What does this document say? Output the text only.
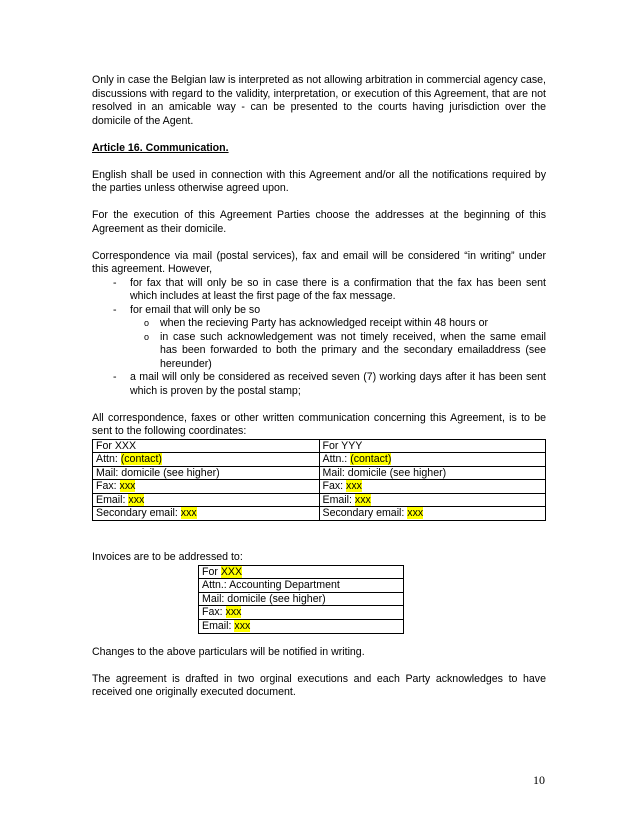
Only in case the Belgian law is interpreted as not allowing arbitration in commercial agency case, discussions with regard to the validity, interpretation, or execution of this Agreement, that are not resolved in an amicable way - can be presented to the courts having jurisdiction over the domicile of the Agent.

Article 16. Communication.

English shall be used in connection with this Agreement and/or all the notifications required by the parties unless otherwise agreed upon.

For the execution of this Agreement Parties choose the addresses at the beginning of this Agreement as their domicile.

Correspondence via mail (postal services), fax and email will be considered “in writing” under this agreement. However,

- for fax that will only be so in case there is a confirmation that the fax has been sent which includes at least the first page of the fax message.
- for email that will only be so
o when the recieving Party has acknowledged receipt within 48 hours or
o in case such acknowledgement was not timely received, when the same email has been forwarded to both the primary and the secondary emailaddress (see hereunder)
- a mail will only be considered as received seven (7) working days after it has been sent which is proven by the postal stamp;

All correspondence, faxes or other written communication concerning this Agreement, is to be sent to the following coordinates:

For XXX	For YYY
Attn: (contact)	Attn.: (contact)
Mail: domicile (see higher)	Mail: domicile (see higher)
Fax: xxx	Fax: xxx
Email: xxx	Email: xxx
Secondary email: xxx	Secondary email: xxx

Invoices are to be addressed to:

For XXX
Attn.: Accounting Department
Mail: domicile (see higher)
Fax: xxx
Email: xxx

Changes to the above particulars will be notified in writing.

The agreement is drafted in two orginal executions and each Party acknowledges to have received one originally executed document.

10
